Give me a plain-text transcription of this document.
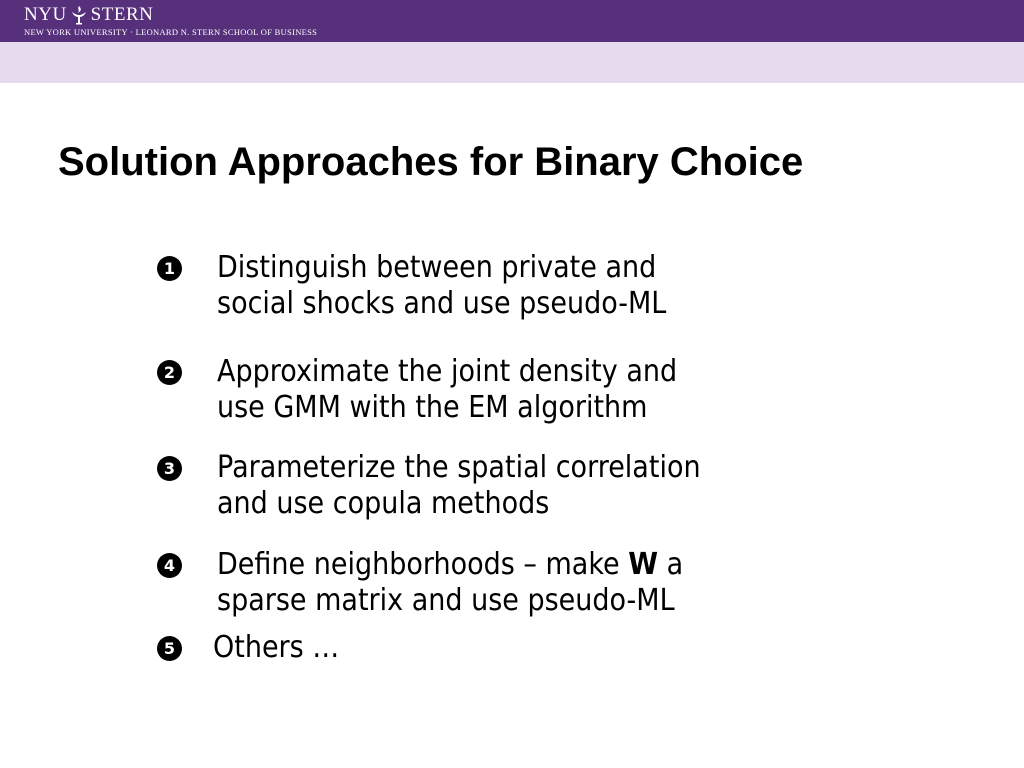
NYU STERN
NEW YORK UNIVERSITY · LEONARD N. STERN SCHOOL OF BUSINESS
Solution Approaches for Binary Choice
1 Distinguish between private and
social shocks and use pseudo-ML
2 Approximate the joint density and
use GMM with the EM algorithm
3 Parameterize the spatial correlation
and use copula methods
4 Define neighborhoods – make W a
sparse matrix and use pseudo-ML
5 Others …
